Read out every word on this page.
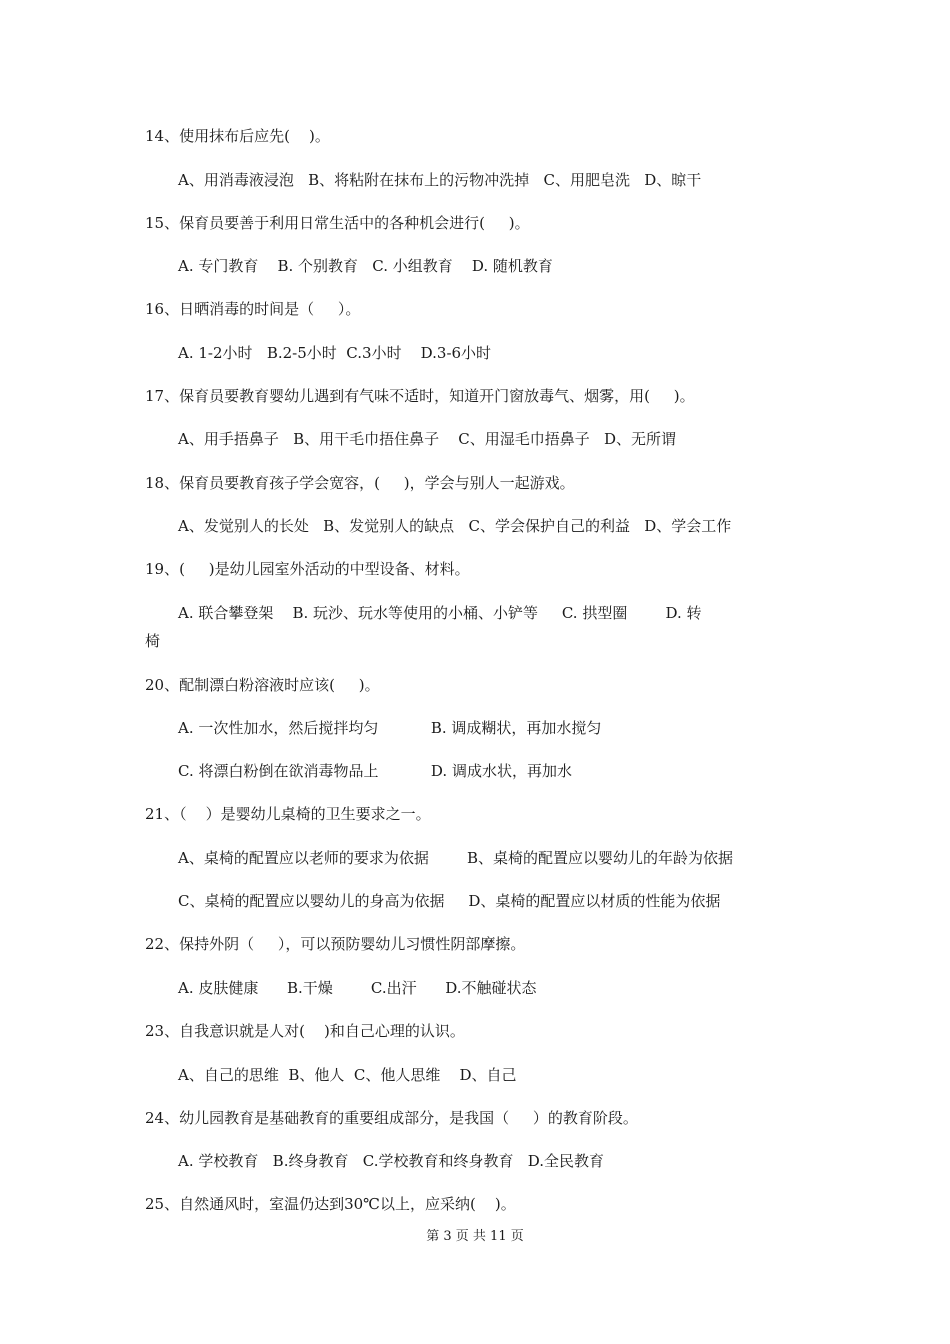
14、使用抹布后应先(    )。
A、用消毒液浸泡   B、将粘附在抹布上的污物冲洗掉   C、用肥皂洗   D、晾干
15、保育员要善于利用日常生活中的各种机会进行(     )。
A. 专门教育    B. 个别教育   C. 小组教育    D. 随机教育
16、日晒消毒的时间是（     ）。
A. 1-2小时   B.2-5小时  C.3小时    D.3-6小时
17、保育员要教育婴幼儿遇到有气味不适时，知道开门窗放毒气、烟雾，用(     )。
A、用手捂鼻子   B、用干毛巾捂住鼻子    C、用湿毛巾捂鼻子   D、无所谓
18、保育员要教育孩子学会宽容，(     )，学会与别人一起游戏。
A、发觉别人的长处   B、发觉别人的缺点   C、学会保护自己的利益   D、学会工作
19、(     )是幼儿园室外活动的中型设备、材料。
A. 联合攀登架    B. 玩沙、玩水等使用的小桶、小铲等     C. 拱型圈        D. 转
椅
20、配制漂白粉溶液时应该(     )。
A. 一次性加水，然后搅拌均匀           B. 调成糊状，再加水搅匀
C. 将漂白粉倒在欲消毒物品上           D. 调成水状，再加水
21、（    ）是婴幼儿桌椅的卫生要求之一。
A、桌椅的配置应以老师的要求为依据        B、桌椅的配置应以婴幼儿的年龄为依据
C、桌椅的配置应以婴幼儿的身高为依据     D、桌椅的配置应以材质的性能为依据
22、保持外阴（     ），可以预防婴幼儿习惯性阴部摩擦。
A. 皮肤健康      B.干燥        C.出汗      D.不触碰状态
23、自我意识就是人对(    )和自己心理的认识。
A、自己的思维  B、他人  C、他人思维    D、自己
24、幼儿园教育是基础教育的重要组成部分，是我国（     ）的教育阶段。
A. 学校教育   B.终身教育   C.学校教育和终身教育   D.全民教育
25、自然通风时，室温仍达到30℃以上，应采纳(    )。
第 3 页 共 11 页
